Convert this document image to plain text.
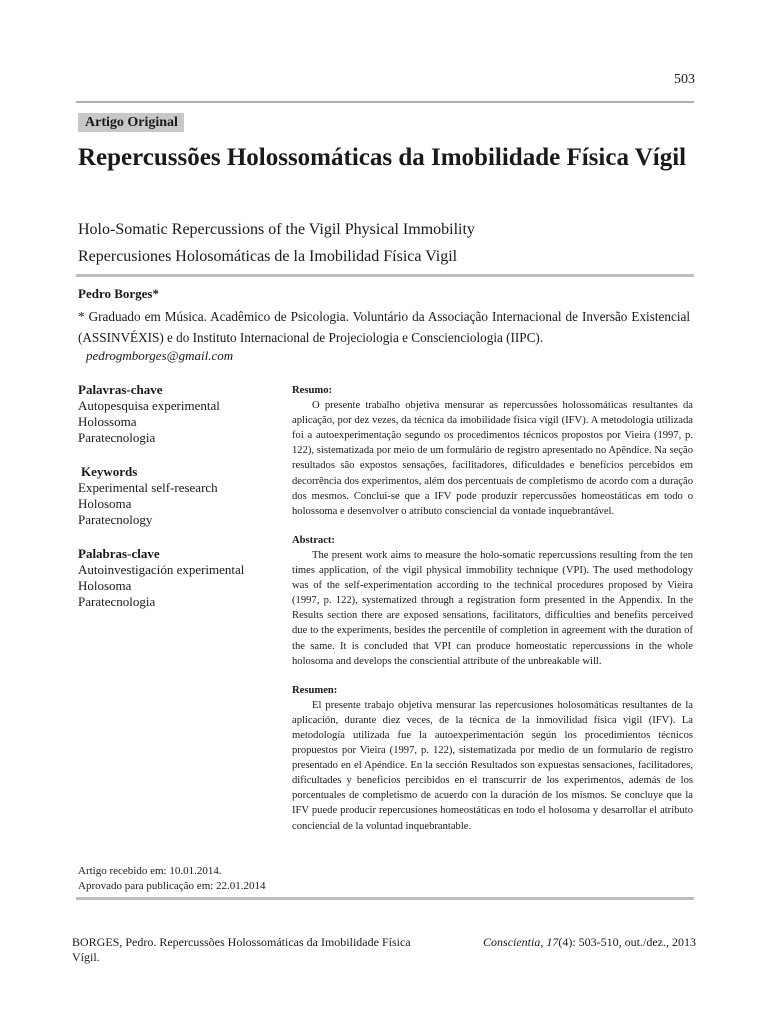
503
Artigo Original
Repercussões Holossomáticas da Imobilidade Física Vígil
Holo-Somatic Repercussions of the Vigil Physical Immobility
Repercusiones Holosomáticas de la Imobilidad Física Vigil
Pedro Borges*

* Graduado em Música. Acadêmico de Psicologia. Voluntário da Associação Internacional de Inversão Existencial (ASSINVÉXIS) e do Instituto Internacional de Projeciologia e Conscienciologia (IIPC).

pedrogmborges@gmail.com
Palavras-chave
Autopesquisa experimental
Holossoma
Paratecnologia
Keywords
Experimental self-research
Holosoma
Paratecnology
Palabras-clave
Autoinvestigación experimental
Holosoma
Paratecnologia
Artigo recebido em: 10.01.2014.
Aprovado para publicação em: 22.01.2014
Resumo:

O presente trabalho objetiva mensurar as repercussões holossomáticas resultantes da aplicação, por dez vezes, da técnica da imobilidade física vígil (IFV). A metodologia utilizada foi a autoexperimentação segundo os procedimentos técnicos propostos por Vieira (1997, p. 122), sistematizada por meio de um formulário de registro apresentado no Apêndice. Na seção resultados são expostos sensações, facilitadores, dificuldades e benefícios percebidos em decorrência dos experimentos, além dos percentuais de completismo de acordo com a duração dos mesmos. Conclui-se que a IFV pode produzir repercussões homeostáticas em todo o holossoma e desenvolver o atributo consciencial da vontade inquebrantável.

Abstract:

The present work aims to measure the holo-somatic repercussions resulting from the ten times application, of the vigil physical immobility technique (VPI). The used methodology was of the self-experimentation according to the technical procedures proposed by Vieira (1997, p. 122), systematized through a registration form presented in the Appendix. In the Results section there are exposed sensations, facilitators, difficulties and benefits perceived due to the experiments, besides the percentile of completion in agreement with the duration of the same. It is concluded that VPI can produce homeostatic repercussions in the whole holosoma and develops the consciential attribute of the unbreakable will.

Resumen:

El presente trabajo objetiva mensurar las repercusiones holosomáticas resultantes de la aplicación, durante diez veces, de la técnica de la inmovilidad física vigil (IFV). La metodología utilizada fue la autoexperimentación según los procedimientos técnicos propuestos por Vieira (1997, p. 122), sistematizada por medio de un formulario de registro presentado en el Apéndice. En la sección Resultados son expuestas sensaciones, facilitadores, dificultades y beneficios percibidos en el transcurrir de los experimentos, además de los porcentuales de completismo de acuerdo con la duración de los mismos. Se concluye que la IFV puede producir repercusiones homeostáticas en todo el holosoma y desarrollar el atributo conciencial de la voluntad inquebrantable.

BORGES, Pedro. Repercussões Holossomáticas da Imobilidade Física Vígil.
Conscientia, 17(4): 503-510, out./dez., 2013
